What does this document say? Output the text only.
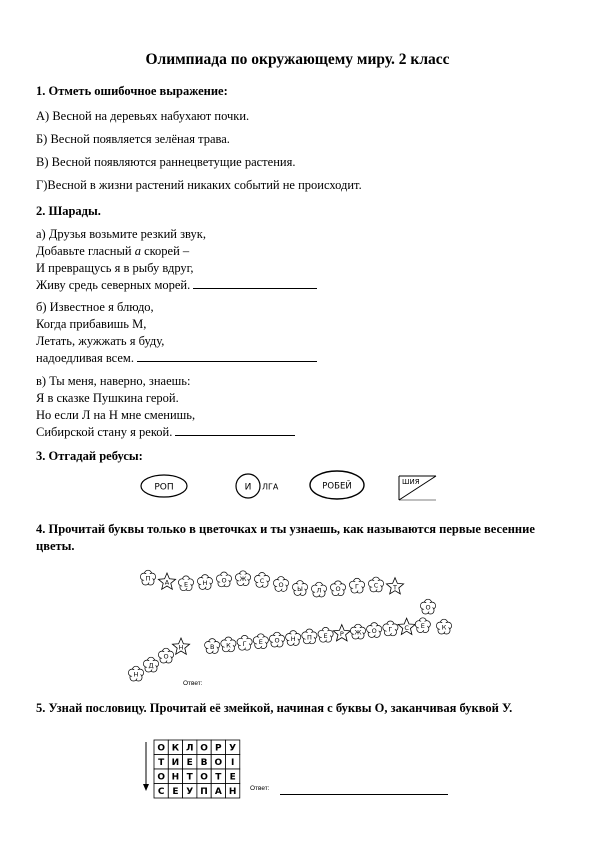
Олимпиада по окружающему миру. 2 класс
1. Отметь ошибочное выражение:
А) Весной на деревьях набухают почки.
Б) Весной появляется зелёная трава.
В) Весной появляются раннецветущие растения.
Г)Весной в жизни растений никаких событий не происходит.
2. Шарады.
а) Друзья возьмите резкий звук,
Добавьте гласный а скорей –
И превращусь я в рыбу вдруг,
Живу средь северных морей.
б) Известное я блюдо,
Когда прибавишь М,
Летать, жужжать я буду,
надоедливая всем.
в) Ты меня, наверно, знаешь:
Я в сказке Пушкина герой.
Но если Л на Н мне сменишь,
Сибирской стану я рекой.
3. Отгадай ребусы:
РОП	И ЛГА	РОБЕЙ	ШИЯ
4. Прочитай буквы только в цветочках и ты узнаешь, как называются первые весенние цветы.
П
А Е Н О Ж С
О
Ы Л О Г С Т
О
К
Н
Д
О
Н	В К Г Е О Н П Е Р Ж О Г С Е
Ответ:
5. Узнай пословицу. Прочитай её змейкой, начиная с буквы О, заканчивая буквой У.
О К Л О Р У
Т И Е В О І
О Н Т О Т Е
С Е У П А Н Ответ:
